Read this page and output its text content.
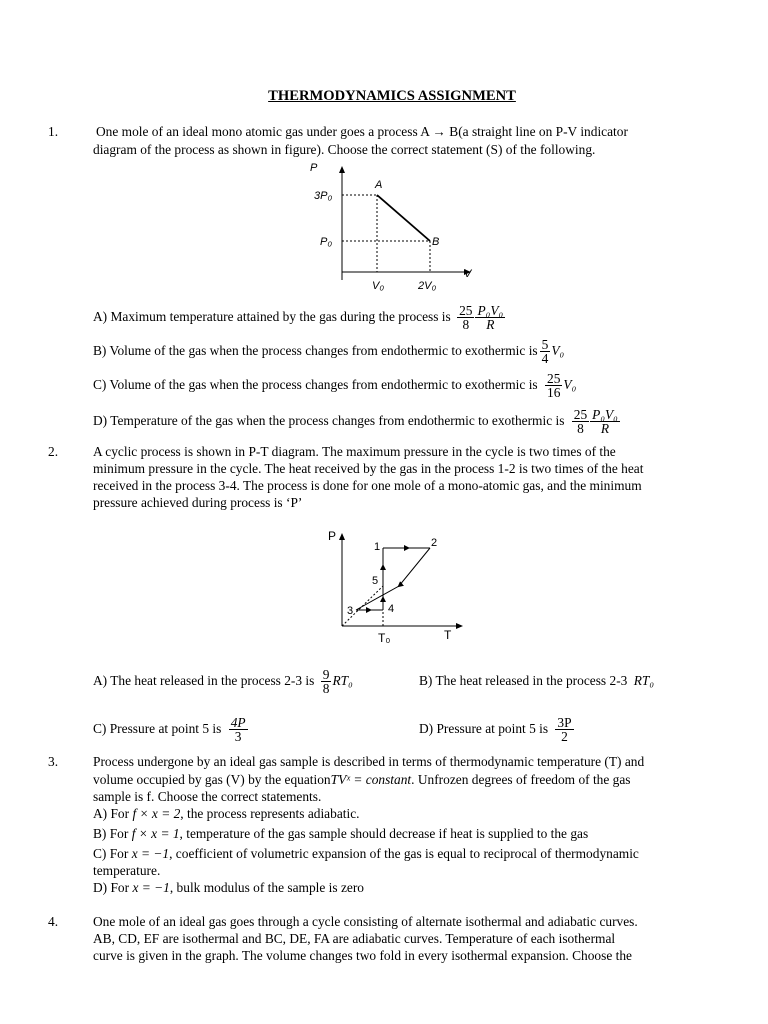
THERMODYNAMICS ASSIGNMENT
1.	One mole of an ideal mono atomic gas under goes a process A → B(a straight line on P-V indicator
diagram of the process as shown in figure). Choose the correct statement (S) of the following.
P
V
3P₀
P₀
V₀	2V₀
A
B
A) Maximum temperature attained by the gas during the process is $\frac{25}{8} \frac{\text{P₀V₀}}{R}$
B) Volume of the gas when the process changes from endothermic to exothermic is $\frac{5}{4} V_0$
C) Volume of the gas when the process changes from endothermic to exothermic is $\frac{25}{16} V_0$
D) Temperature of the gas when the process changes from endothermic to exothermic is $\frac{25}{8} \frac{\text{P₀V₀}}{R}$
2.	A cyclic process is shown in P-T diagram. The maximum pressure in the cycle is two times of the
minimum pressure in the cycle. The heat received by the gas in the process 1-2 is two times of the heat
received in the process 3-4. The process is done for one mole of a mono-atomic gas, and the minimum
pressure achieved during process is ‘P’
P
T
T₀
1	2
3	4
5
A) The heat released in the process 2-3 is $\frac{9}{8} RT_0$	B) The heat released in the process 2-3 RT₀
C) Pressure at point 5 is $\frac{4P}{3}$	D) Pressure at point 5 is $\frac{3P}{2}$
3.	Process undergone by an ideal gas sample is described in terms of thermodynamic temperature (T) and
volume occupied by gas (V) by the equationTVˣ = constant. Unfrozen degrees of freedom of the gas
sample is f. Choose the correct statements.
A) For f × x = 2, the process represents adiabatic.
B) For f × x = 1, temperature of the gas sample should decrease if heat is supplied to the gas
C) For x = −1, coefficient of volumetric expansion of the gas is equal to reciprocal of thermodynamic
temperature.
D) For x = −1, bulk modulus of the sample is zero
4.	One mole of an ideal gas goes through a cycle consisting of alternate isothermal and adiabatic curves.
AB, CD, EF are isothermal and BC, DE, FA are adiabatic curves. Temperature of each isothermal
curve is given in the graph. The volume changes two fold in every isothermal expansion. Choose the
